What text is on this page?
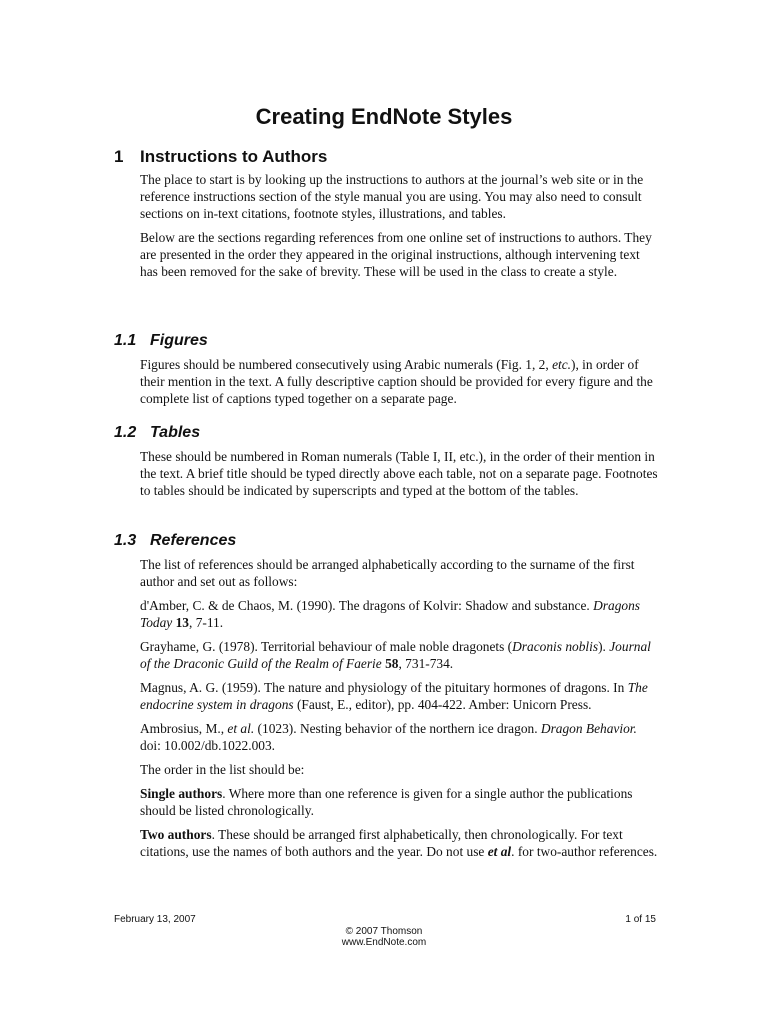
Creating EndNote Styles
1 Instructions to Authors

The place to start is by looking up the instructions to authors at the journal’s web site or in the reference instructions section of the style manual you are using. You may also need to consult sections on in-text citations, footnote styles, illustrations, and tables.

Below are the sections regarding references from one online set of instructions to authors. They are presented in the order they appeared in the original instructions, although intervening text has been removed for the sake of brevity. These will be used in the class to create a style.

1.1 Figures

Figures should be numbered consecutively using Arabic numerals (Fig. 1, 2, etc.), in order of their mention in the text. A fully descriptive caption should be provided for every figure and the complete list of captions typed together on a separate page.

1.2 Tables

These should be numbered in Roman numerals (Table I, II, etc.), in the order of their mention in the text. A brief title should be typed directly above each table, not on a separate page. Footnotes to tables should be indicated by superscripts and typed at the bottom of the tables.

1.3 References

The list of references should be arranged alphabetically according to the surname of the first author and set out as follows:

d'Amber, C. & de Chaos, M. (1990). The dragons of Kolvir: Shadow and substance. Dragons Today 13, 7-11.

Grayhame, G. (1978). Territorial behaviour of male noble dragonets (Draconis noblis). Journal of the Draconic Guild of the Realm of Faerie 58, 731-734.

Magnus, A. G. (1959). The nature and physiology of the pituitary hormones of dragons. In The endocrine system in dragons (Faust, E., editor), pp. 404-422. Amber: Unicorn Press.

Ambrosius, M., et al. (1023). Nesting behavior of the northern ice dragon. Dragon Behavior. doi: 10.002/db.1022.003.

The order in the list should be:

Single authors. Where more than one reference is given for a single author the publications should be listed chronologically.

Two authors. These should be arranged first alphabetically, then chronologically. For text citations, use the names of both authors and the year. Do not use et al. for two-author references.

February 13, 2007	1 of 15
© 2007 Thomson
www.EndNote.com
